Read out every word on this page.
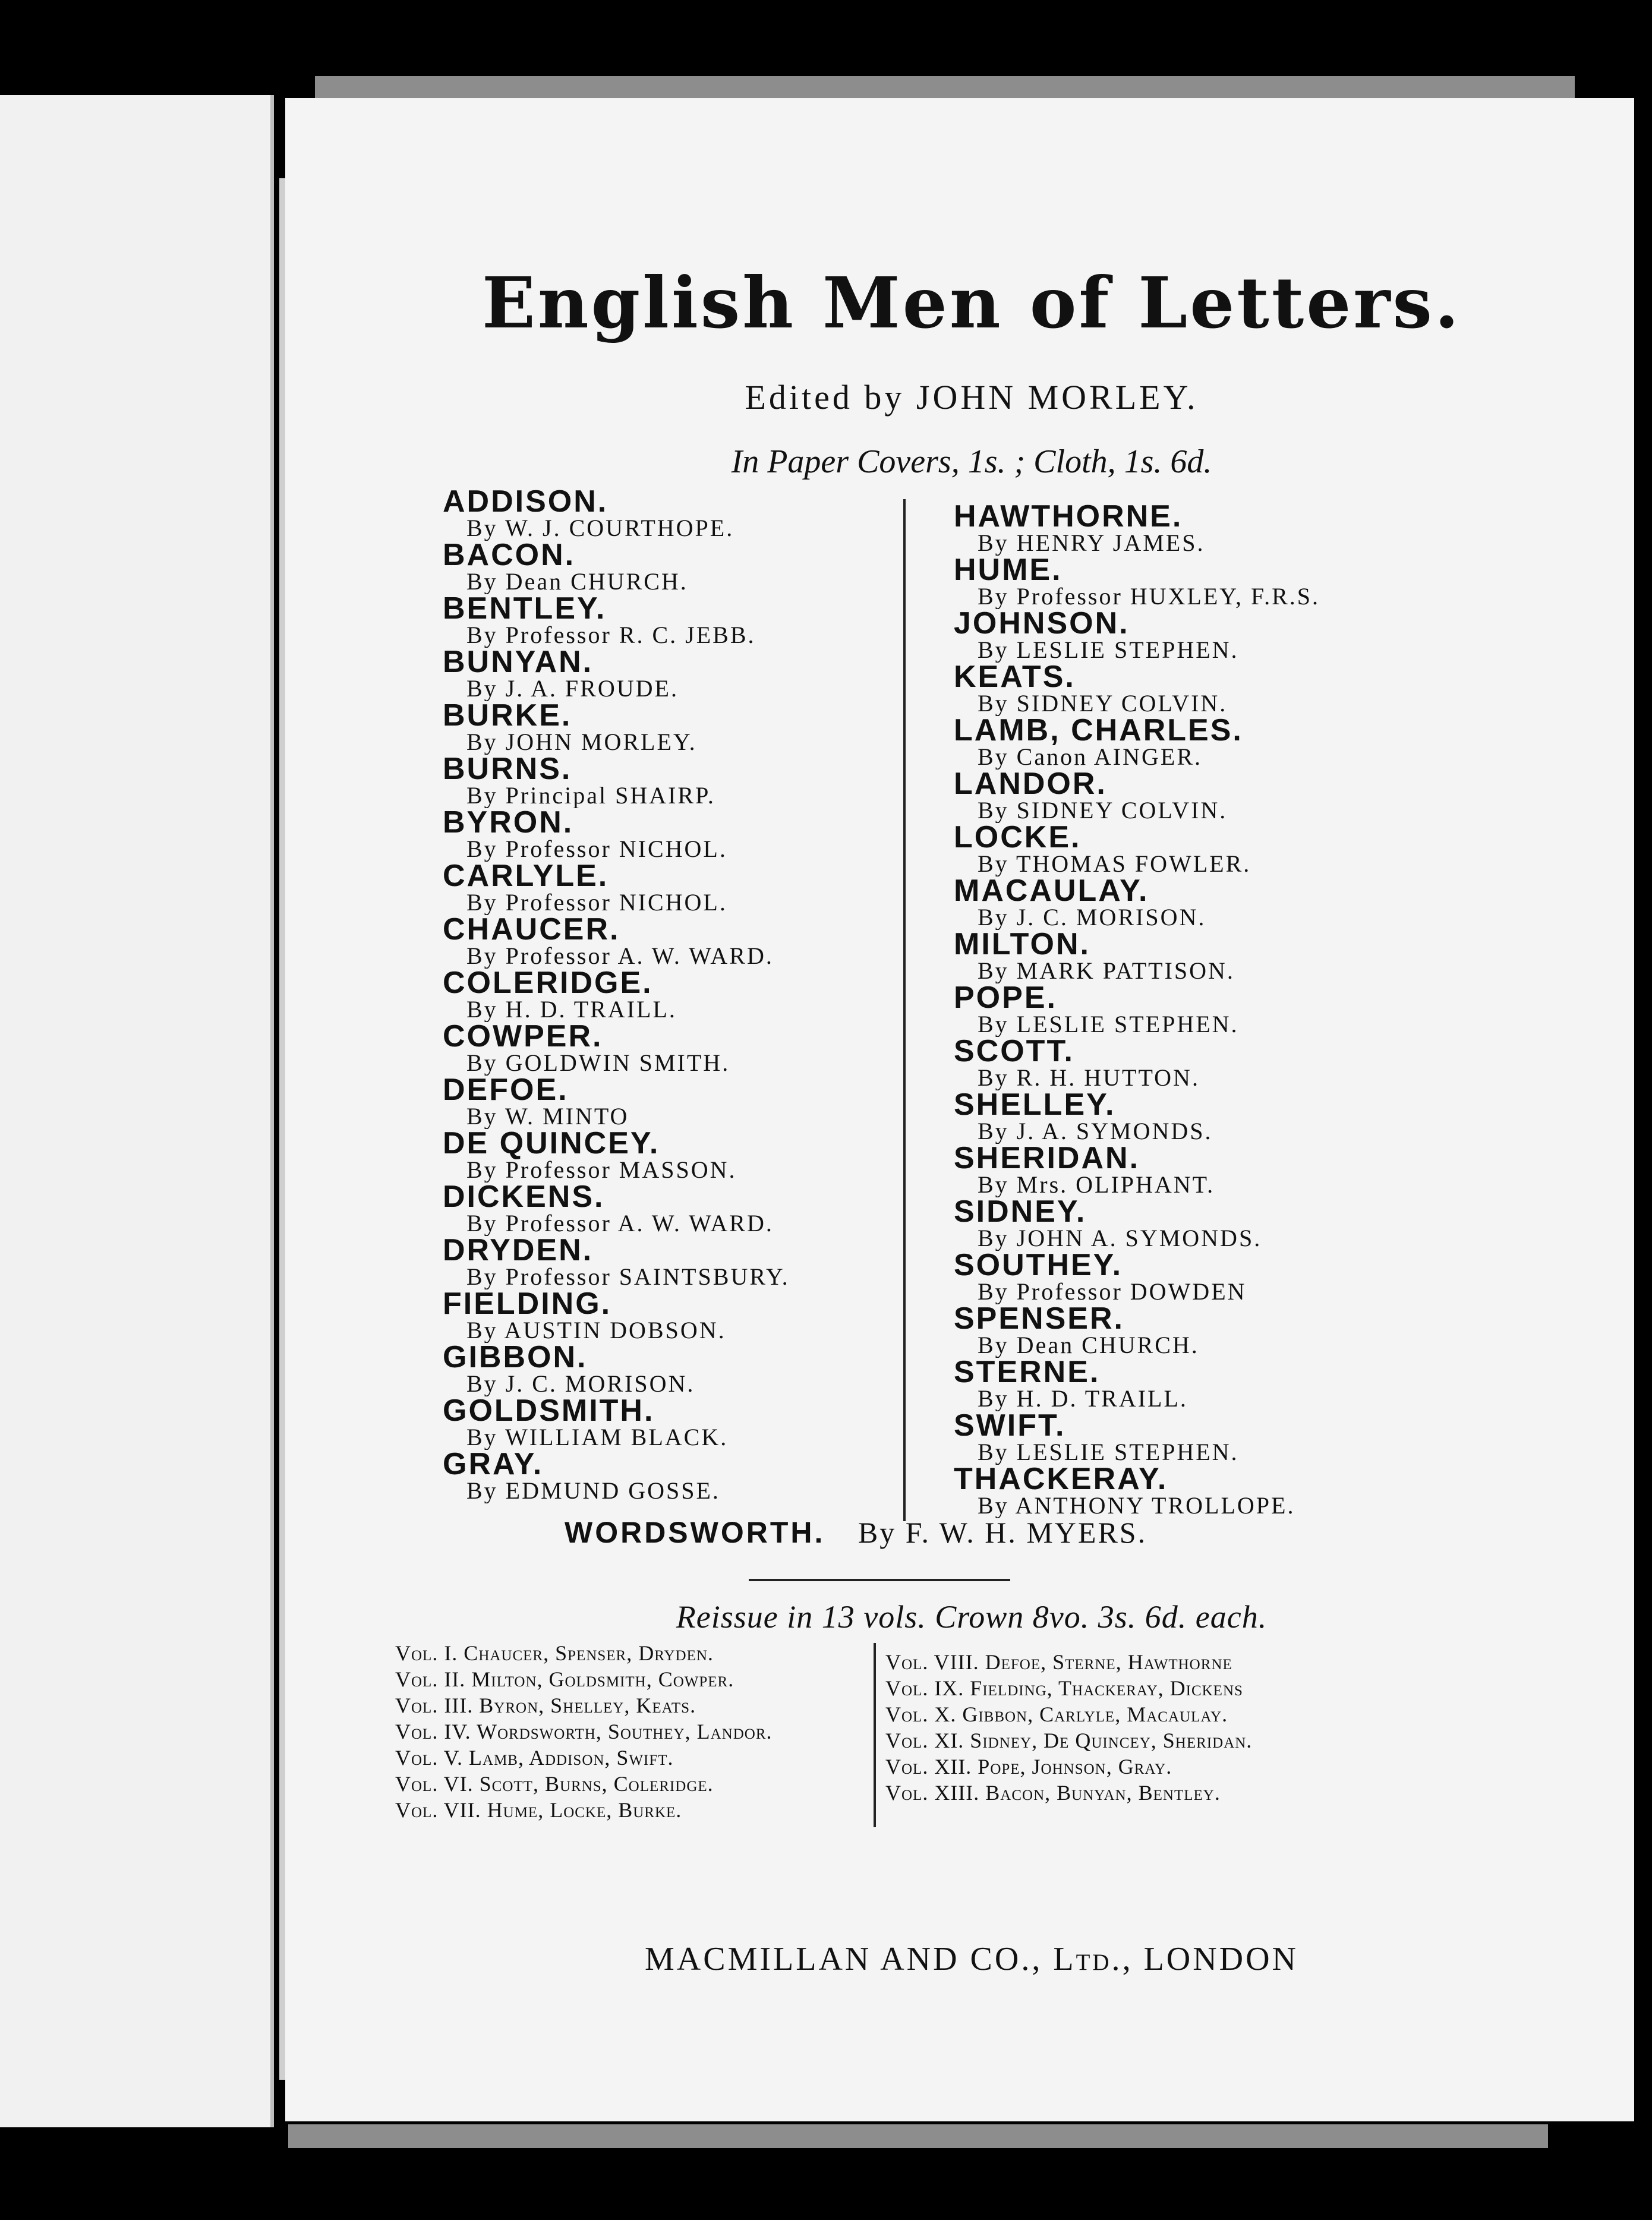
English Men of Letters.
Edited by JOHN MORLEY.
In Paper Covers, 1s. ; Cloth, 1s. 6d.
ADDISON.
By W. J. COURTHOPE.
BACON.
By Dean CHURCH.
BENTLEY.
By Professor R. C. JEBB.
BUNYAN.
By J. A. FROUDE.
BURKE.
By JOHN MORLEY.
BURNS.
By Principal SHAIRP.
BYRON.
By Professor NICHOL.
CARLYLE.
By Professor NICHOL.
CHAUCER.
By Professor A. W. WARD.
COLERIDGE.
By H. D. TRAILL.
COWPER.
By GOLDWIN SMITH.
DEFOE.
By W. MINTO
DE QUINCEY.
By Professor MASSON.
DICKENS.
By Professor A. W. WARD.
DRYDEN.
By Professor SAINTSBURY.
FIELDING.
By AUSTIN DOBSON.
GIBBON.
By J. C. MORISON.
GOLDSMITH.
By WILLIAM BLACK.
GRAY.
By EDMUND GOSSE.
HAWTHORNE.
By HENRY JAMES.
HUME.
By Professor HUXLEY, F.R.S.
JOHNSON.
By LESLIE STEPHEN.
KEATS.
By SIDNEY COLVIN.
LAMB, CHARLES.
By Canon AINGER.
LANDOR.
By SIDNEY COLVIN.
LOCKE.
By THOMAS FOWLER.
MACAULAY.
By J. C. MORISON.
MILTON.
By MARK PATTISON.
POPE.
By LESLIE STEPHEN.
SCOTT.
By R. H. HUTTON.
SHELLEY.
By J. A. SYMONDS.
SHERIDAN.
By Mrs. OLIPHANT.
SIDNEY.
By JOHN A. SYMONDS.
SOUTHEY.
By Professor DOWDEN
SPENSER.
By Dean CHURCH.
STERNE.
By H. D. TRAILL.
SWIFT.
By LESLIE STEPHEN.
THACKERAY.
By ANTHONY TROLLOPE.
WORDSWORTH. By F. W. H. MYERS.
Reissue in 13 vols. Crown 8vo. 3s. 6d. each.
Vol. I. Chaucer, Spenser, Dryden.
Vol. II. Milton, Goldsmith, Cowper.
Vol. III. Byron, Shelley, Keats.
Vol. IV. Wordsworth, Southey, Landor.
Vol. V. Lamb, Addison, Swift.
Vol. VI. Scott, Burns, Coleridge.
Vol. VII. Hume, Locke, Burke.
Vol. VIII. Defoe, Sterne, Hawthorne
Vol. IX. Fielding, Thackeray, Dickens
Vol. X. Gibbon, Carlyle, Macaulay.
Vol. XI. Sidney, De Quincey, Sheridan.
Vol. XII. Pope, Johnson, Gray.
Vol. XIII. Bacon, Bunyan, Bentley.
MACMILLAN AND CO., Ltd., LONDON
